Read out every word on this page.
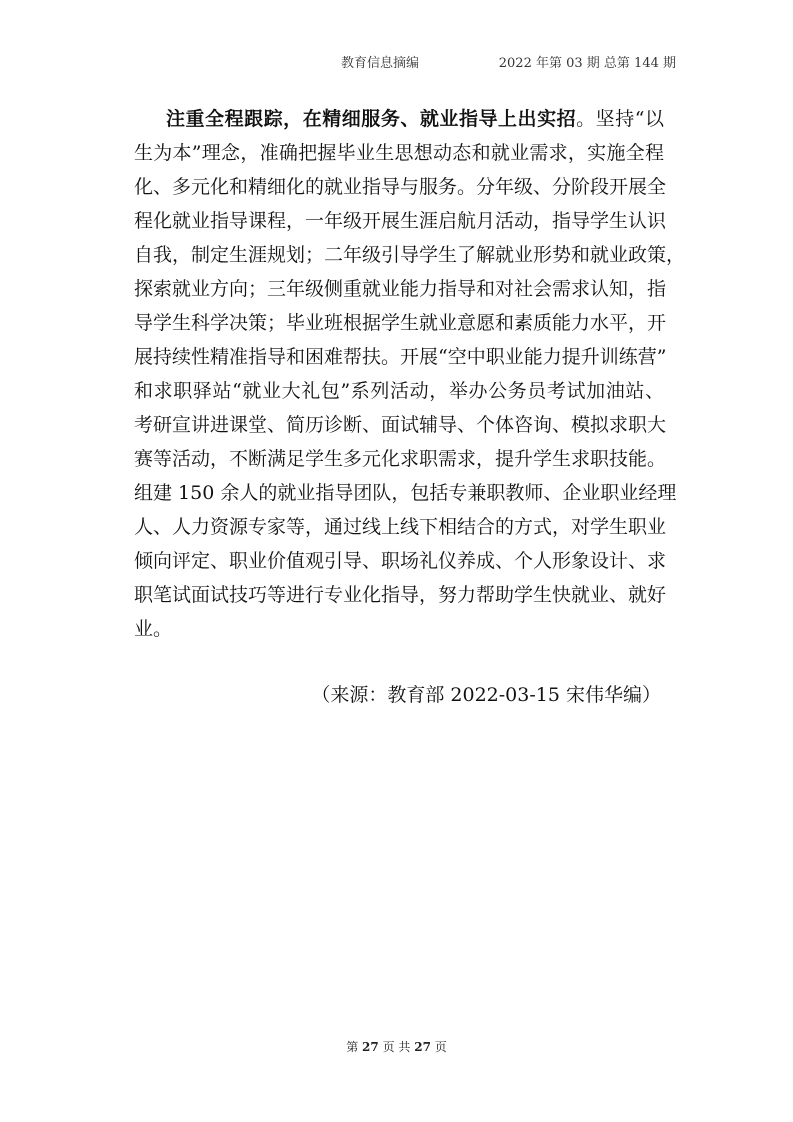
教育信息摘编	2022 年第 03 期 总第 144 期
注重全程跟踪，在精细服务、就业指导上出实招。坚持“以
生为本”理念，准确把握毕业生思想动态和就业需求，实施全程
化、多元化和精细化的就业指导与服务。分年级、分阶段开展全
程化就业指导课程，一年级开展生涯启航月活动，指导学生认识
自我，制定生涯规划；二年级引导学生了解就业形势和就业政策，
探索就业方向；三年级侧重就业能力指导和对社会需求认知，指
导学生科学决策；毕业班根据学生就业意愿和素质能力水平，开
展持续性精准指导和困难帮扶。开展“空中职业能力提升训练营”
和求职驿站“就业大礼包”系列活动，举办公务员考试加油站、
考研宣讲进课堂、简历诊断、面试辅导、个体咨询、模拟求职大
赛等活动，不断满足学生多元化求职需求，提升学生求职技能。
组建 150 余人的就业指导团队，包括专兼职教师、企业职业经理
人、人力资源专家等，通过线上线下相结合的方式，对学生职业
倾向评定、职业价值观引导、职场礼仪养成、个人形象设计、求
职笔试面试技巧等进行专业化指导，努力帮助学生快就业、就好
业。
（来源：教育部 2022-03-15 宋伟华编）
第 27 页 共 27 页
